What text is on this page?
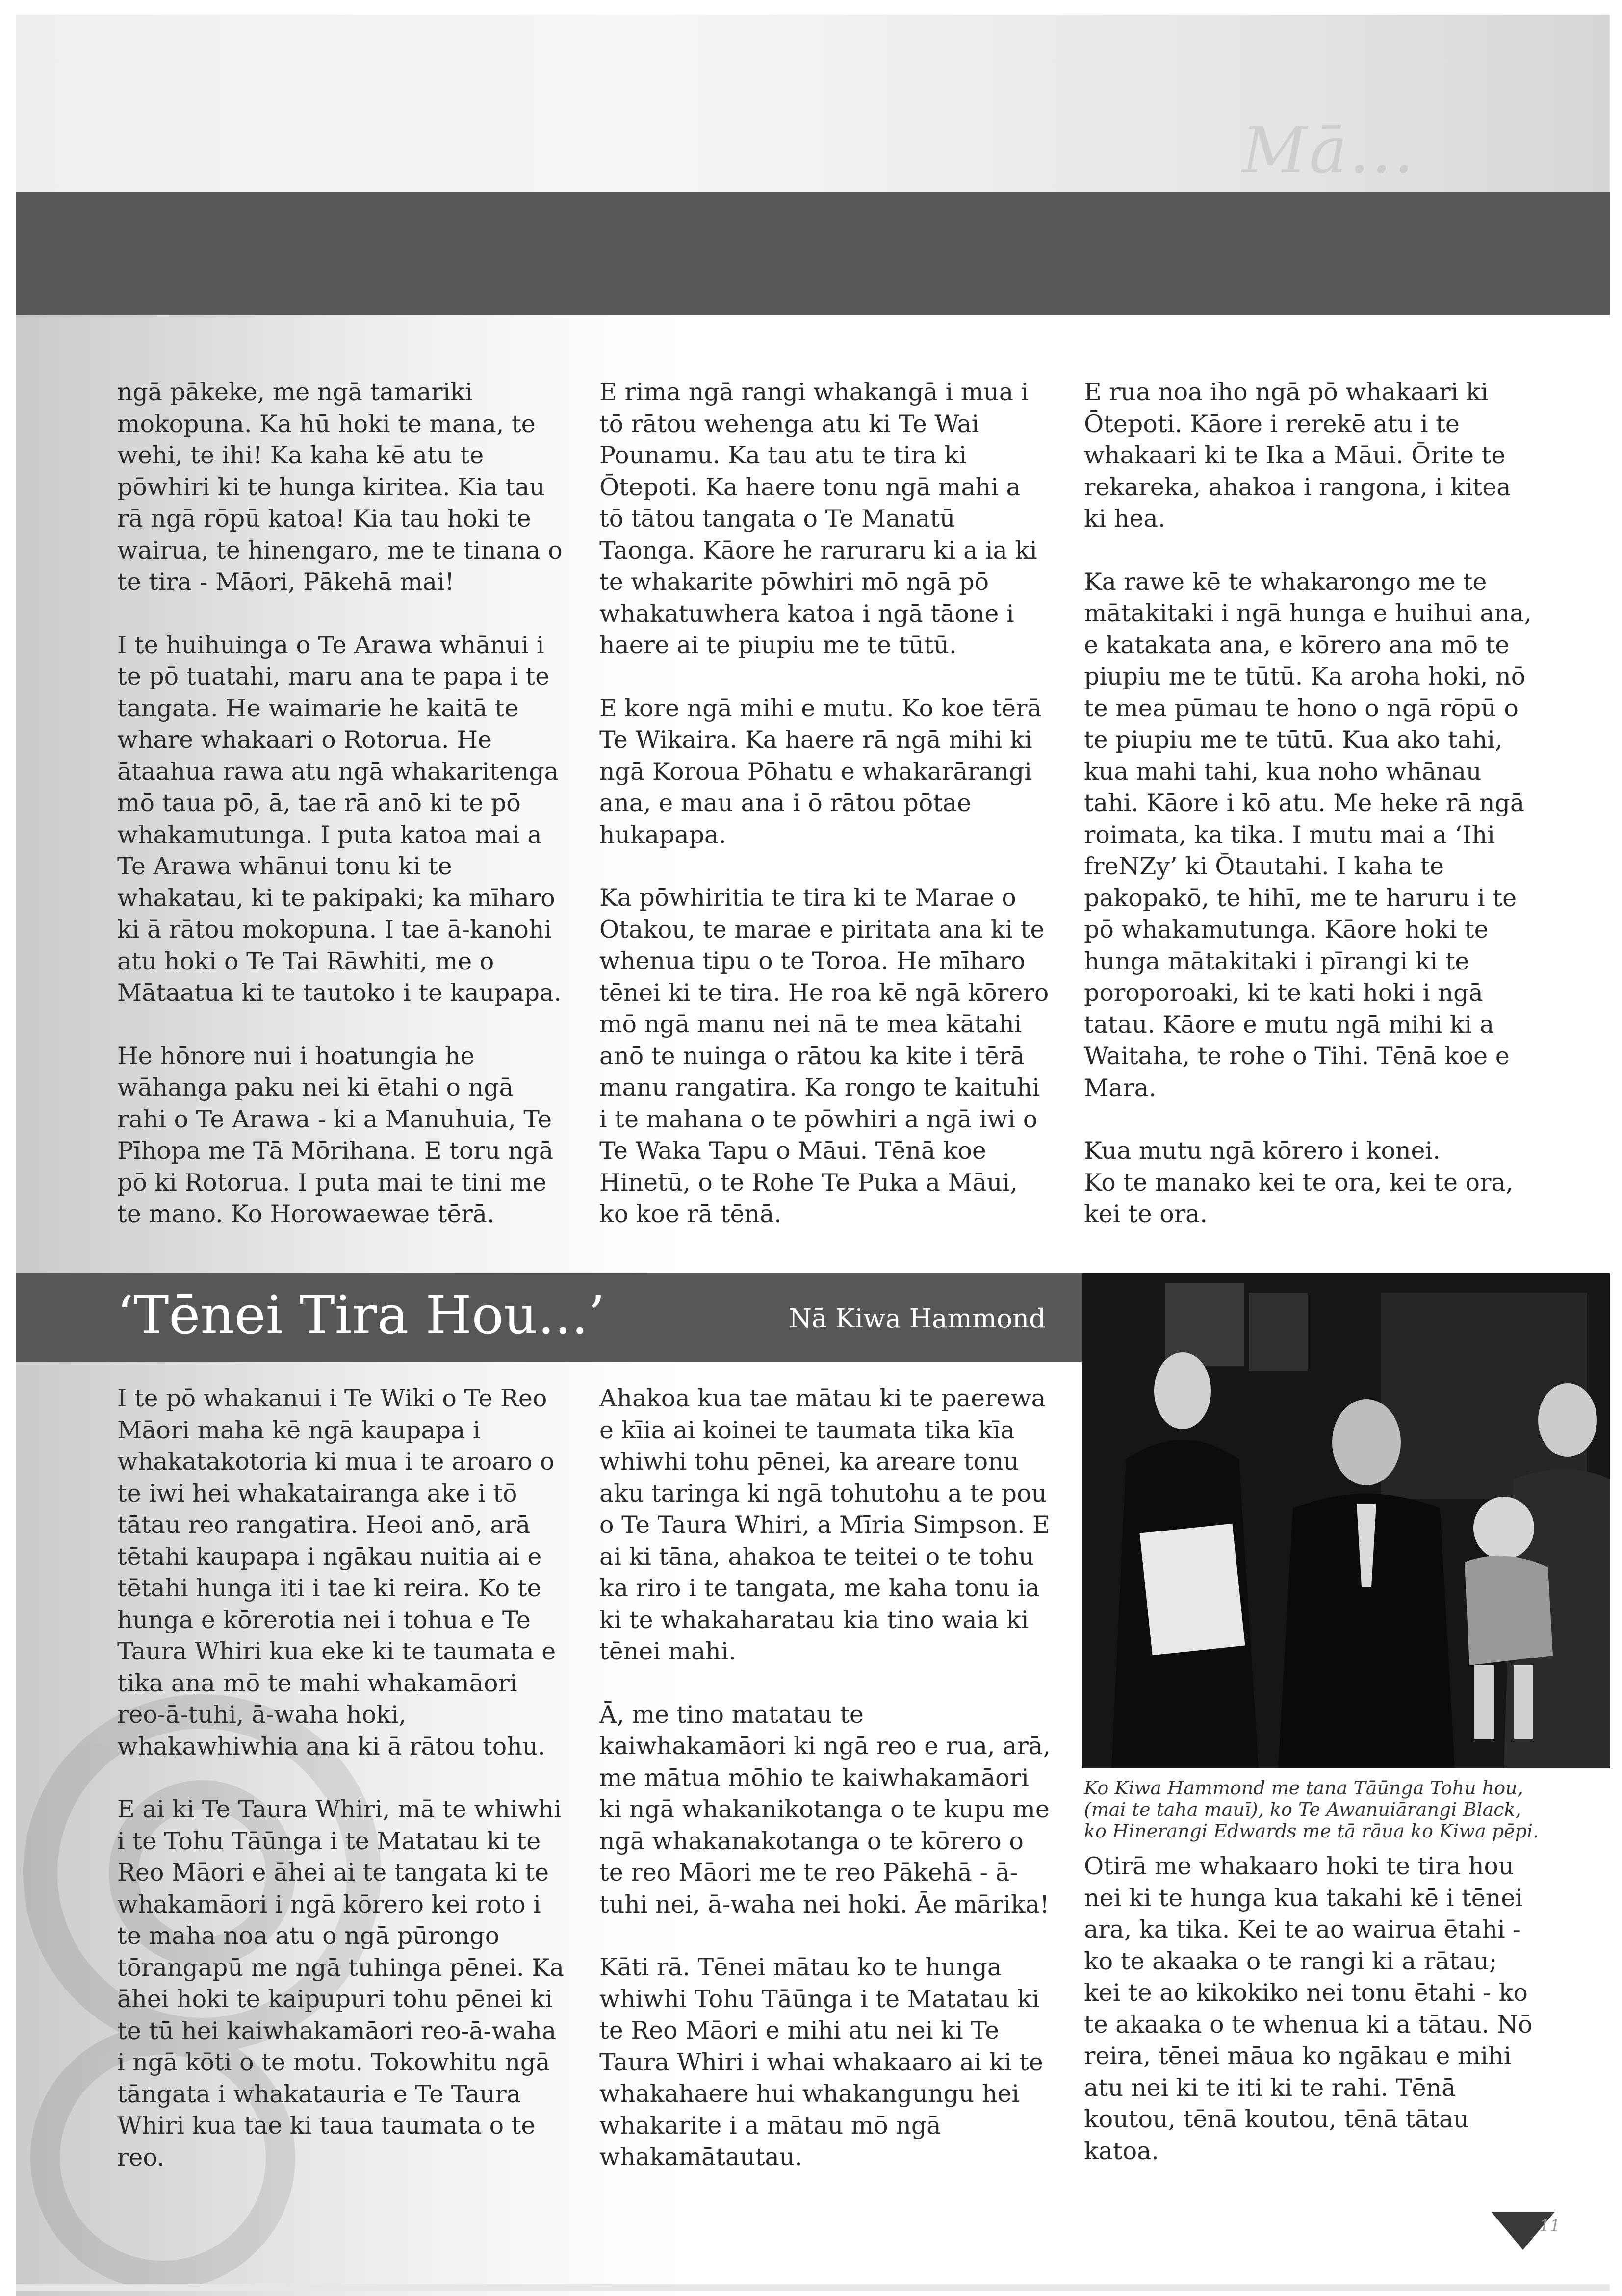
Mā...

ngā pākeke, me ngā tamariki mokopuna. Ka hū hoki te mana, te wehi, te ihi! Ka kaha kē atu te pōwhiri ki te hunga kiritea. Kia tau rā ngā rōpū katoa! Kia tau hoki te wairua, te hinengaro, me te tinana o te tira - Māori, Pākehā mai!

I te huihuinga o Te Arawa whānui i te pō tuatahi, maru ana te papa i te tangata. He waimarie he kaitā te whare whakaari o Rotorua. He ātaahua rawa atu ngā whakaritenga mō taua pō, ā, tae rā anō ki te pō whakamutunga. I puta katoa mai a Te Arawa whānui tonu ki te whakatau, ki te pakipaki; ka mīharo ki ā rātou mokopuna. I tae ā-kanohi atu hoki o Te Tai Rāwhiti, me o Mātaatua ki te tautoko i te kaupapa.

He hōnore nui i hoatungia he wāhanga paku nei ki ētahi o ngā rahi o Te Arawa - ki a Manuhuia, Te Pīhopa me Tā Mōrihana. E toru ngā pō ki Rotorua. I puta mai te tini me te mano. Ko Horowaewae tērā.

E rima ngā rangi whakangā i mua i tō rātou wehenga atu ki Te Wai Pounamu. Ka tau atu te tira ki Ōtepoti. Ka haere tonu ngā mahi a tō tātou tangata o Te Manatū Taonga. Kāore he raruraru ki a ia ki te whakarite pōwhiri mō ngā pō whakatuwhera katoa i ngā tāone i haere ai te piupiu me te tūtū.

E kore ngā mihi e mutu. Ko koe tērā Te Wikaira. Ka haere rā ngā mihi ki ngā Koroua Pōhatu e whakarārangi ana, e mau ana i ō rātou pōtae hukapapa.

Ka pōwhiritia te tira ki te Marae o Otakou, te marae e piritata ana ki te whenua tipu o te Toroa. He mīharo tēnei ki te tira. He roa kē ngā kōrero mō ngā manu nei nā te mea kātahi anō te nuinga o rātou ka kite i tērā manu rangatira. Ka rongo te kaituhi i te mahana o te pōwhiri a ngā iwi o Te Waka Tapu o Māui. Tēnā koe Hinetū, o te Rohe Te Puka a Māui, ko koe rā tēnā.

E rua noa iho ngā pō whakaari ki Ōtepoti. Kāore i rerekē atu i te whakaari ki te Ika a Māui. Ōrite te rekareka, ahakoa i rangona, i kitea ki hea.

Ka rawe kē te whakarongo me te mātakitaki i ngā hunga e huihui ana, e katakata ana, e kōrero ana mō te piupiu me te tūtū. Ka aroha hoki, nō te mea pūmau te hono o ngā rōpū o te piupiu me te tūtū. Kua ako tahi, kua mahi tahi, kua noho whānau tahi. Kāore i kō atu. Me heke rā ngā roimata, ka tika. I mutu mai a ‘Ihi freNZy’ ki Ōtautahi. I kaha te pakopakō, te hihī, me te haruru i te pō whakamutunga. Kāore hoki te hunga mātakitaki i pīrangi ki te poroporoaki, ki te kati hoki i ngā tatau. Kāore e mutu ngā mihi ki a Waitaha, te rohe o Tihi. Tēnā koe e Mara.

Kua mutu ngā kōrero i konei.
Ko te manako kei te ora, kei te ora, kei te ora.

‘Tēnei Tira Hou...’	Nā Kiwa Hammond
Ko Kiwa Hammond me tana Tāūnga Tohu hou, (mai te taha mauī), ko Te Awanuiārangi Black, ko Hinerangi Edwards me tā rāua ko Kiwa pēpi.

I te pō whakanui i Te Wiki o Te Reo Māori maha kē ngā kaupapa i whakatakotoria ki mua i te aroaro o te iwi hei whakatairanga ake i tō tātau reo rangatira. Heoi anō, arā tētahi kaupapa i ngākau nuitia ai e tētahi hunga iti i tae ki reira. Ko te hunga e kōrerotia nei i tohua e Te Taura Whiri kua eke ki te taumata e tika ana mō te mahi whakamāori reo-ā-tuhi, ā-waha hoki, whakawhiwhia ana ki ā rātou tohu.

E ai ki Te Taura Whiri, mā te whiwhi i te Tohu Tāūnga i te Matatau ki te Reo Māori e āhei ai te tangata ki te whakamāori i ngā kōrero kei roto i te maha noa atu o ngā pūrongo tōrangapū me ngā tuhinga pēnei. Ka āhei hoki te kaipupuri tohu pēnei ki te tū hei kaiwhakamāori reo-ā-waha i ngā kōti o te motu. Tokowhitu ngā tāngata i whakatauria e Te Taura Whiri kua tae ki taua taumata o te reo.

Ahakoa kua tae mātau ki te paerewa e kīia ai koinei te taumata tika kīa whiwhi tohu pēnei, ka areare tonu aku taringa ki ngā tohutohu a te pou o Te Taura Whiri, a Mīria Simpson. E ai ki tāna, ahakoa te teitei o te tohu ka riro i te tangata, me kaha tonu ia ki te whakaharatau kia tino waia ki tēnei mahi.

Ā, me tino matatau te kaiwhakamāori ki ngā reo e rua, arā, me mātua mōhio te kaiwhakamāori ki ngā whakanikotanga o te kupu me ngā whakanakotanga o te kōrero o te reo Māori me te reo Pākehā - ā-tuhi nei, ā-waha nei hoki. Āe mārika!

Kāti rā. Tēnei mātau ko te hunga whiwhi Tohu Tāūnga i te Matatau ki te Reo Māori e mihi atu nei ki Te Taura Whiri i whai whakaaro ai ki te whakahaere hui whakangungu hei whakarite i a mātau mō ngā whakamātautau.

Otirā me whakaaro hoki te tira hou nei ki te hunga kua takahi kē i tēnei ara, ka tika. Kei te ao wairua ētahi - ko te akaaka o te rangi ki a rātau; kei te ao kikokiko nei tonu ētahi - ko te akaaka o te whenua ki a tātau. Nō reira, tēnei māua ko ngākau e mihi atu nei ki te iti ki te rahi. Tēnā koutou, tēnā koutou, tēnā tātau katoa.

11
